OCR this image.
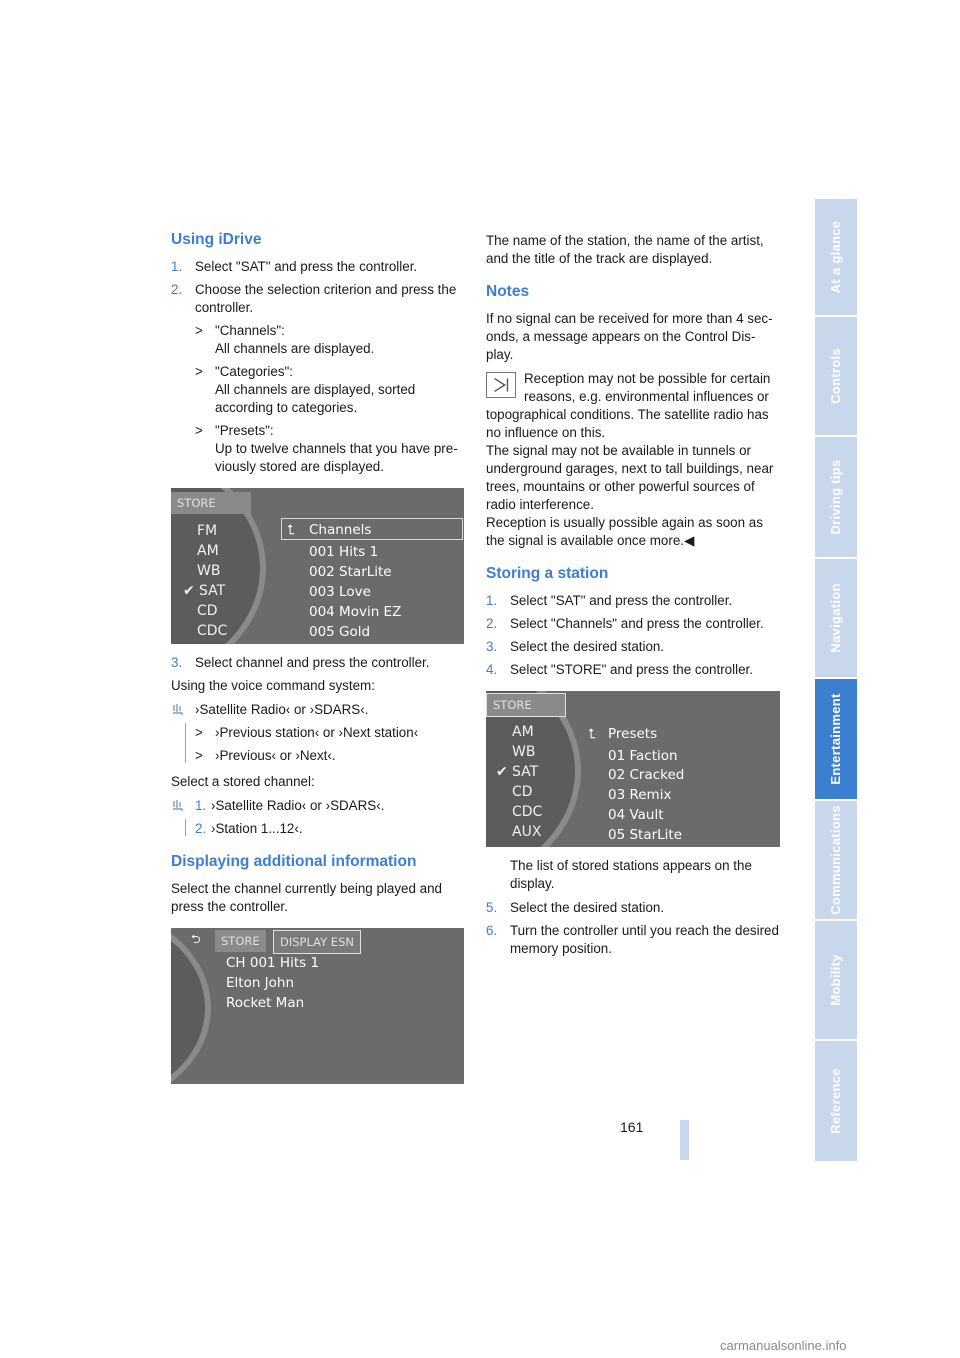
Using iDrive
1. Select "SAT" and press the controller.
2. Choose the selection criterion and press the controller.
> "Channels":
All channels are displayed.
> "Categories":
All channels are displayed, sorted according to categories.
> "Presets":
Up to twelve channels that you have pre-viously stored are displayed.
STORE
FM
AM
WB
✔ SAT
CD
CDC
⮤ Channels
001 Hits 1
002 StarLite
003 Love
004 Movin EZ
005 Gold
3. Select channel and press the controller.

Using the voice command system:

›Satellite Radio‹ or ›SDARS‹.
> ›Previous station‹ or ›Next station‹
> ›Previous‹ or ›Next‹.

Select a stored channel:

1. ›Satellite Radio‹ or ›SDARS‹.
2. ›Station 1...12‹.
Displaying additional information

Select the channel currently being played and press the controller.

⮌	STORE	DISPLAY ESN
CH 001 Hits 1
Elton John
Rocket Man

The name of the station, the name of the artist, and the title of the track are displayed.

Notes

If no signal can be received for more than 4 sec-onds, a message appears on the Control Dis-play.

Reception may not be possible for certain reasons, e.g. environmental influences or
topographical conditions. The satellite radio has no influence on this.

The signal may not be available in tunnels or underground garages, next to tall buildings, near trees, mountains or other powerful sources of radio interference.

Reception is usually possible again as soon as the signal is available once more.◀

Storing a station
1. Select "SAT" and press the controller.
2. Select "Channels" and press the controller.
3. Select the desired station.
4. Select "STORE" and press the controller.
STORE
AM
WB
✔ SAT
CD
CDC
AUX
⮤ Presets
01 Faction
02 Cracked
03 Remix
04 Vault
05 StarLite

The list of stored stations appears on the display.

5. Select the desired station.
6. Turn the controller until you reach the desired memory position.
At a glance
Controls
Driving tips
Navigation
Entertainment
Communications
Mobility
Reference
161
carmanualsonline.info
